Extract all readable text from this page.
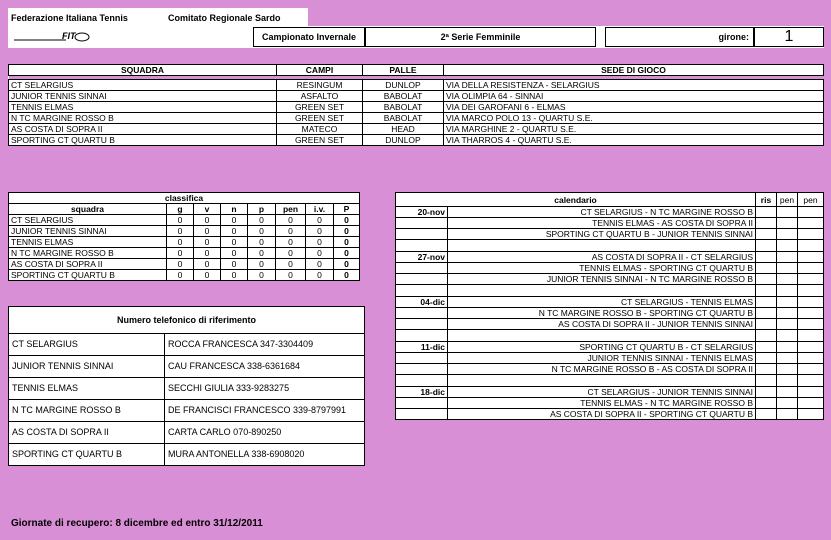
Federazione Italiana Tennis	Comitato Regionale Sardo
FIT	Campionato Invernale	2ª Serie Femminile	girone:	1
SQUADRA	CAMPI	PALLE	SEDE DI GIOCO

CT SELARGIUS	RESINGUM	DUNLOP	VIA DELLA RESISTENZA - SELARGIUS
JUNIOR TENNIS SINNAI	ASFALTO	BABOLAT	VIA OLIMPIA 64 - SINNAI
TENNIS ELMAS	GREEN SET	BABOLAT	VIA DEI GAROFANI 6 - ELMAS
N TC MARGINE ROSSO B	GREEN SET	BABOLAT	VIA MARCO POLO 13 - QUARTU S.E.
AS COSTA DI SOPRA II	MATECO	HEAD	VIA MARGHINE 2 - QUARTU S.E.
SPORTING CT QUARTU B	GREEN SET	DUNLOP	VIA THARROS 4 - QUARTU S.E.
classifica							
squadra	g	v	n	p	pen	i.v.	P
CT SELARGIUS	0	0	0	0	0	0	0
JUNIOR TENNIS SINNAI	0	0	0	0	0	0	0
TENNIS ELMAS	0	0	0	0	0	0	0
N TC MARGINE ROSSO B	0	0	0	0	0	0	0
AS COSTA DI SOPRA II	0	0	0	0	0	0	0
SPORTING CT QUARTU B	0	0	0	0	0	0	0
Numero telefonico di riferimento	
CT SELARGIUS	ROCCA FRANCESCA 347-3304409
JUNIOR TENNIS SINNAI	CAU FRANCESCA 338-6361684
TENNIS ELMAS	SECCHI GIULIA 333-9283275
N TC MARGINE ROSSO B	DE FRANCISCI FRANCESCO 339-8797991
AS COSTA DI SOPRA II	CARTA CARLO 070-890250
SPORTING CT QUARTU B	MURA ANTONELLA 338-6908020
calendario		ris	pen	pen
20-nov	CT SELARGIUS - N TC MARGINE ROSSO B			
	TENNIS ELMAS - AS COSTA DI SOPRA II			
	SPORTING CT QUARTU B - JUNIOR TENNIS SINNAI			

27-nov	AS COSTA DI SOPRA II - CT SELARGIUS			
	TENNIS ELMAS - SPORTING CT QUARTU B			
	JUNIOR TENNIS SINNAI - N TC MARGINE ROSSO B			

04-dic	CT SELARGIUS - TENNIS ELMAS			
	N TC MARGINE ROSSO B - SPORTING CT QUARTU B			
	AS COSTA DI SOPRA II - JUNIOR TENNIS SINNAI			

11-dic	SPORTING CT QUARTU B - CT SELARGIUS			
	JUNIOR TENNIS SINNAI - TENNIS ELMAS			
	N TC MARGINE ROSSO B - AS COSTA DI SOPRA II			

18-dic	CT SELARGIUS - JUNIOR TENNIS SINNAI			
	TENNIS ELMAS - N TC MARGINE ROSSO B			
	AS COSTA DI SOPRA II - SPORTING CT QUARTU B			
Giornate di recupero: 8 dicembre ed entro 31/12/2011
